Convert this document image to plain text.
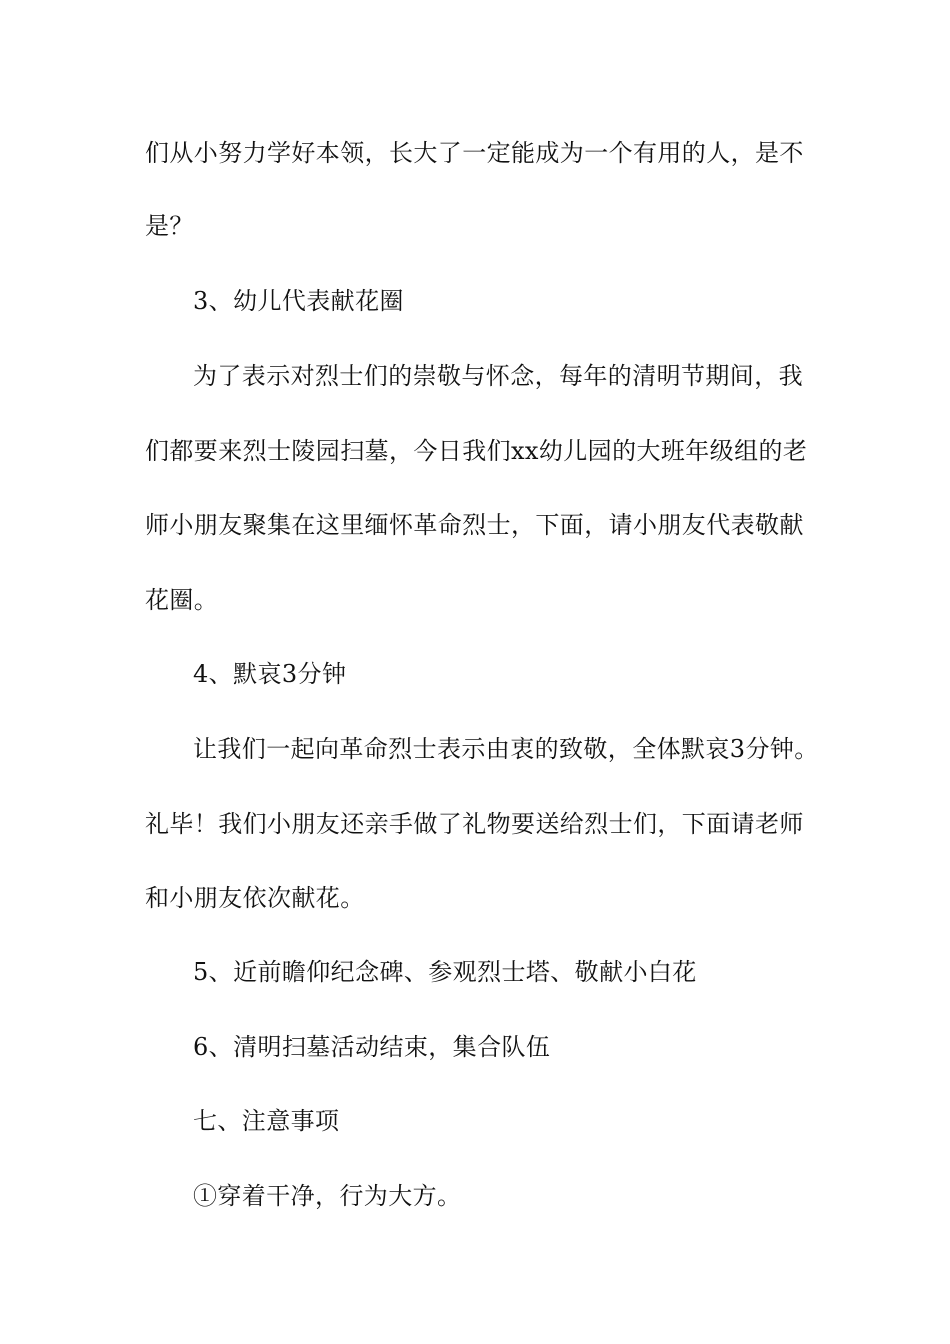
们从小努力学好本领，长大了一定能成为一个有用的人，是不
是？
3、幼儿代表献花圈
为了表示对烈士们的崇敬与怀念，每年的清明节期间，我
们都要来烈士陵园扫墓，今日我们xx幼儿园的大班年级组的老
师小朋友聚集在这里缅怀革命烈士，下面，请小朋友代表敬献
花圈。
4、默哀3分钟
让我们一起向革命烈士表示由衷的致敬，全体默哀3分钟。
礼毕！我们小朋友还亲手做了礼物要送给烈士们，下面请老师
和小朋友依次献花。
5、近前瞻仰纪念碑、参观烈士塔、敬献小白花
6、清明扫墓活动结束，集合队伍
七、注意事项
①穿着干净，行为大方。
